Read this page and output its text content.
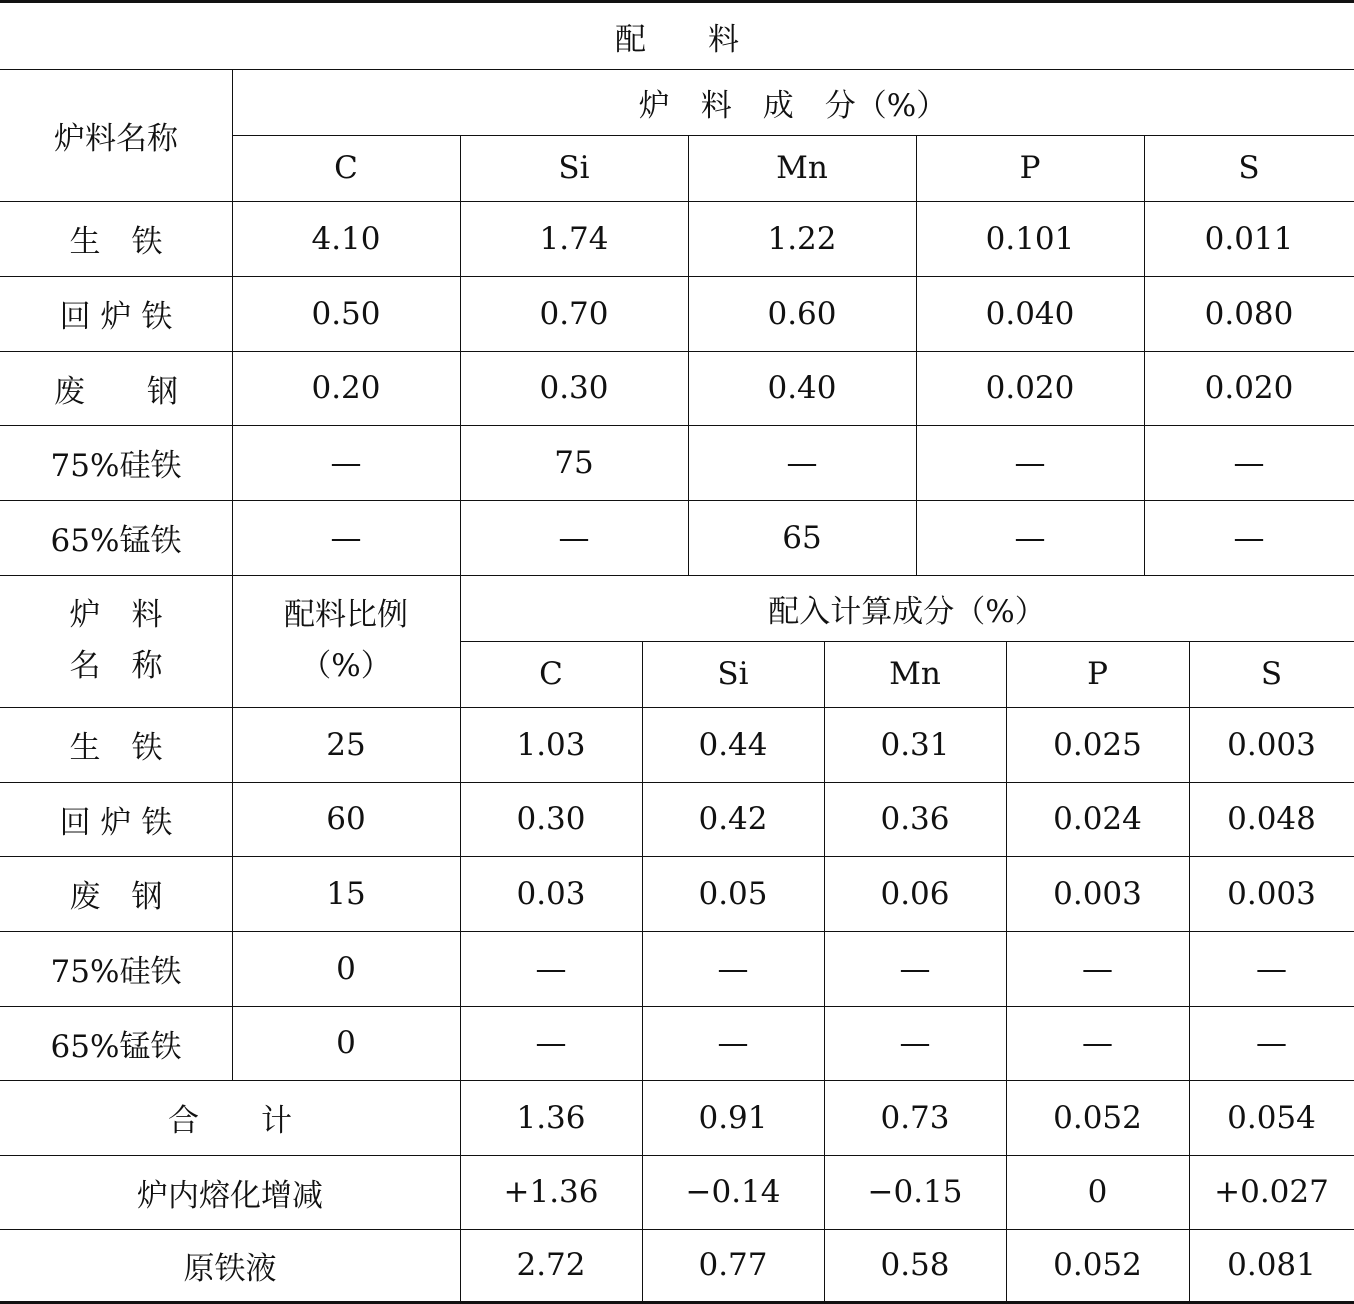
配　　料
炉料名称
炉　料　成　分（%）
C	Si	Mn	P	S
生　铁	4.10	1.74	1.22	0.101	0.011
回 炉 铁	0.50	0.70	0.60	0.040	0.080
废　　钢	0.20	0.30	0.40	0.020	0.020
75%硅铁	—	75	—	—	—
65%锰铁	—	—	65	—	—
炉　料
名　称
配料比例
（%）
配入计算成分（%）
C	Si	Mn	P	S
生　铁	25	1.03	0.44	0.31	0.025	0.003
回 炉 铁	60	0.30	0.42	0.36	0.024	0.048
废　钢	15	0.03	0.05	0.06	0.003	0.003
75%硅铁	0	—	—	—	—	—
65%锰铁	0	—	—	—	—	—
合　　计	1.36	0.91	0.73	0.052	0.054
炉内熔化增减	+1.36	−0.14	−0.15	0	+0.027
原铁液	2.72	0.77	0.58	0.052	0.081
